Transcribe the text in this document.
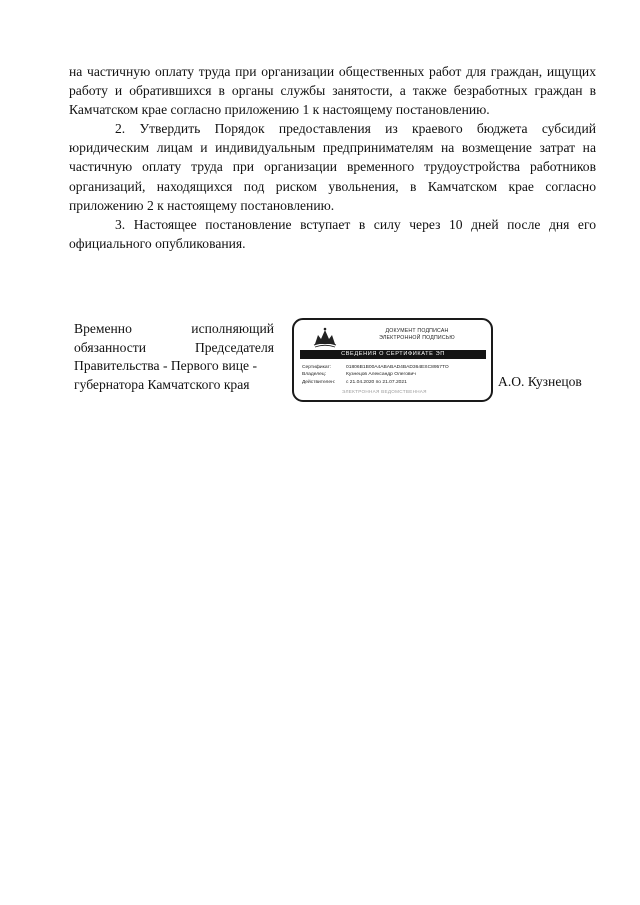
на частичную оплату труда при организации общественных работ для граждан, ищущих работу и обратившихся в органы службы занятости, а также безработных граждан в Камчатском крае согласно приложению 1 к настоящему постановлению.

2. Утвердить Порядок предоставления из краевого бюджета субсидий юридическим лицам и индивидуальным предпринимателям на возмещение затрат на частичную оплату труда при организации временного трудоустройства работников организаций, находящихся под риском увольнения, в Камчатском крае согласно приложению 2 к настоящему постановлению.

3. Настоящее постановление вступает в силу через 10 дней после дня его официального опубликования.

Временно исполняющий
обязанности Председателя
Правительства - Первого вице -
губернатора Камчатского края
ДОКУМЕНТ ПОДПИСАН
ЭЛЕКТРОННОЙ ПОДПИСЬЮ
СВЕДЕНИЯ О СЕРТИФИКАТЕ ЭП
Сертификат:	01806B1B00A4ABABAD4BAD364ESC8957TO
Владелец:	Кузнецов Александр Олегович
Действителен:	с 21.04.2020 по 21.07.2021
ЭЛЕКТРОННАЯ ВЕДОМСТВЕННАЯ
А.О. Кузнецов
